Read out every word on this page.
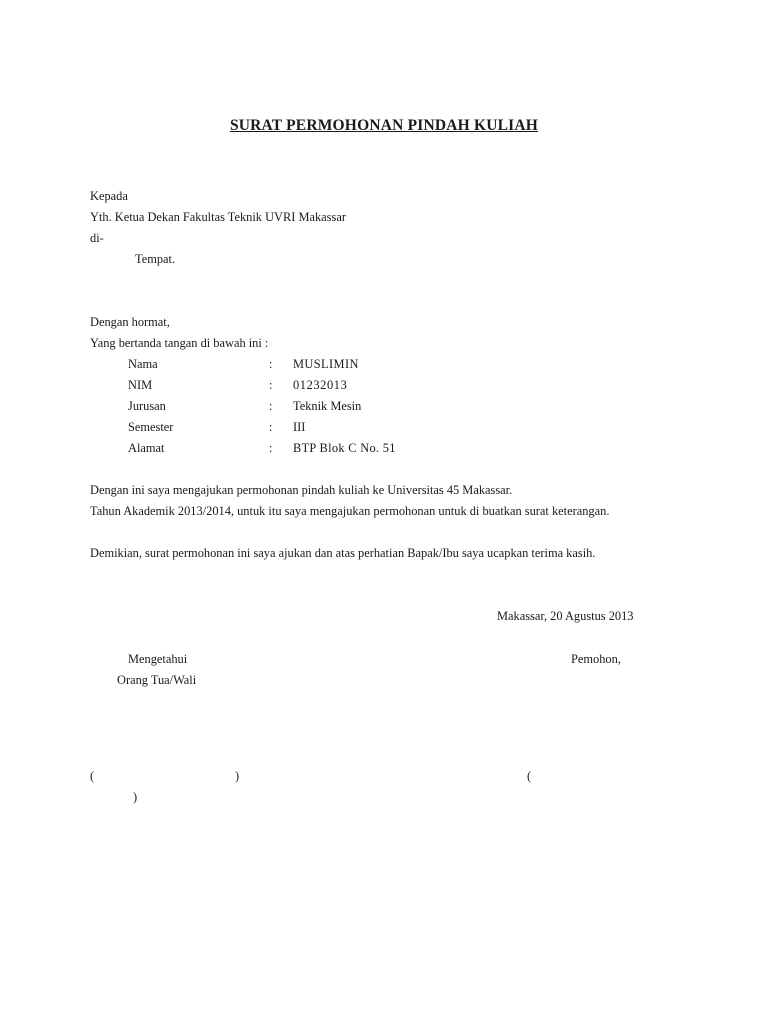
SURAT PERMOHONAN PINDAH KULIAH
Kepada
Yth. Ketua Dekan Fakultas Teknik UVRI Makassar
di-
Tempat.
Dengan hormat,
Yang bertanda tangan di bawah ini :
Nama	: MUSLIMIN
NIM	: 01232013
Jurusan	: Teknik Mesin
Semester	: III
Alamat	: BTP Blok C No. 51
Dengan ini saya mengajukan permohonan pindah kuliah ke Universitas 45 Makassar.
Tahun Akademik 2013/2014, untuk itu saya mengajukan permohonan untuk di buatkan surat keterangan.
Demikian, surat permohonan ini saya ajukan dan atas perhatian Bapak/Ibu saya ucapkan terima kasih.
Makassar, 20 Agustus 2013
Mengetahui
Orang Tua/Wali
Pemohon,
(	)	(
)
